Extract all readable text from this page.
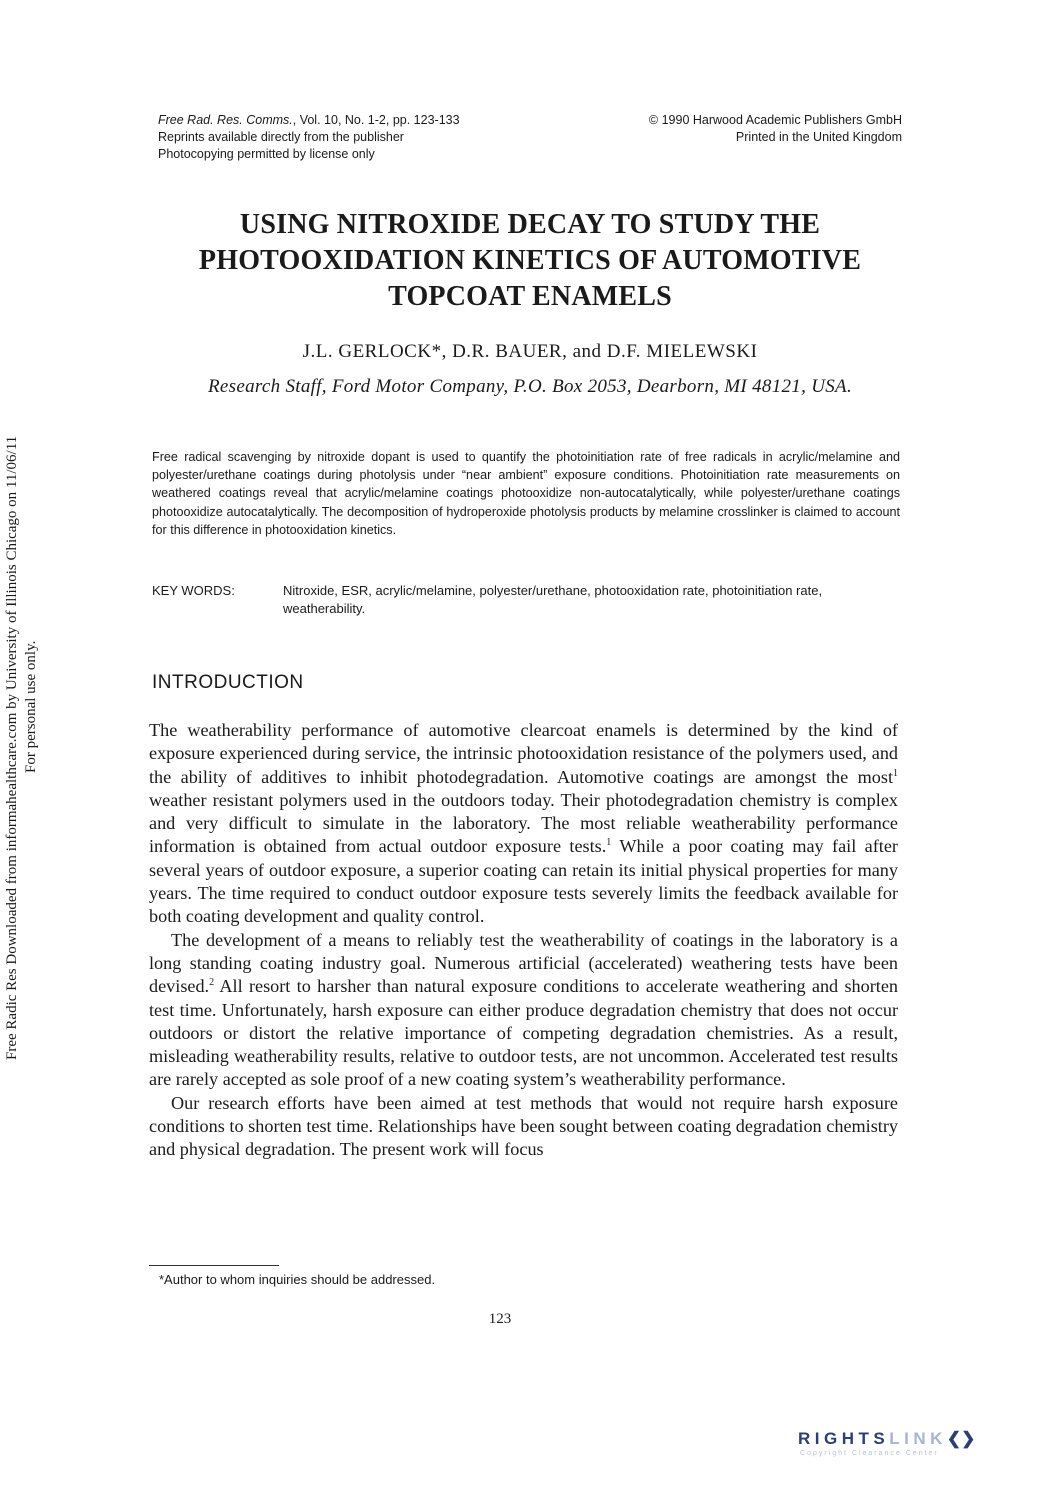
Free Rad. Res. Comms., Vol. 10, No. 1-2, pp. 123-133
Reprints available directly from the publisher
Photocopying permitted by license only
© 1990 Harwood Academic Publishers GmbH
Printed in the United Kingdom
USING NITROXIDE DECAY TO STUDY THE
PHOTOOXIDATION KINETICS OF AUTOMOTIVE
TOPCOAT ENAMELS
J.L. GERLOCK*, D.R. BAUER, and D.F. MIELEWSKI
Research Staff, Ford Motor Company, P.O. Box 2053, Dearborn, MI 48121, USA.
Free radical scavenging by nitroxide dopant is used to quantify the photoinitiation rate of free radicals in acrylic/melamine and polyester/urethane coatings during photolysis under “near ambient” exposure conditions. Photoinitiation rate measurements on weathered coatings reveal that acrylic/melamine coatings photooxidize non-autocatalytically, while polyester/urethane coatings photooxidize autocatalytically. The decomposition of hydroperoxide photolysis products by melamine crosslinker is claimed to account for this difference in photooxidation kinetics.
KEY WORDS:	Nitroxide, ESR, acrylic/melamine, polyester/urethane, photooxidation rate, photoinitiation rate, weatherability.
INTRODUCTION

The weatherability performance of automotive clearcoat enamels is determined by the kind of exposure experienced during service, the intrinsic photooxidation resistance of the polymers used, and the ability of additives to inhibit photodegradation. Automotive coatings are amongst the most$^1$ weather resistant polymers used in the outdoors today. Their photodegradation chemistry is complex and very difficult to simulate in the laboratory. The most reliable weatherability performance information is obtained from actual outdoor exposure tests.$^1$ While a poor coating may fail after several years of outdoor exposure, a superior coating can retain its initial physical properties for many years. The time required to conduct outdoor exposure tests severely limits the feedback available for both coating development and quality control.

The development of a means to reliably test the weatherability of coatings in the laboratory is a long standing coating industry goal. Numerous artificial (accelerated) weathering tests have been devised.$^2$ All resort to harsher than natural exposure conditions to accelerate weathering and shorten test time. Unfortunately, harsh exposure can either produce degradation chemistry that does not occur outdoors or distort the relative importance of competing degradation chemistries. As a result, misleading weatherability results, relative to outdoor tests, are not uncommon. Accelerated test results are rarely accepted as sole proof of a new coating system’s weatherability performance.

Our research efforts have been aimed at test methods that would not require harsh exposure conditions to shorten test time. Relationships have been sought between coating degradation chemistry and physical degradation. The present work will focus

*Author to whom inquiries should be addressed.
123
Free Radic Res Downloaded from informahealthcare.com by University of Illinois Chicago on 11/06/11 For personal use only.
RIGHTSLINK❮❯
Copyright Clearance Center
